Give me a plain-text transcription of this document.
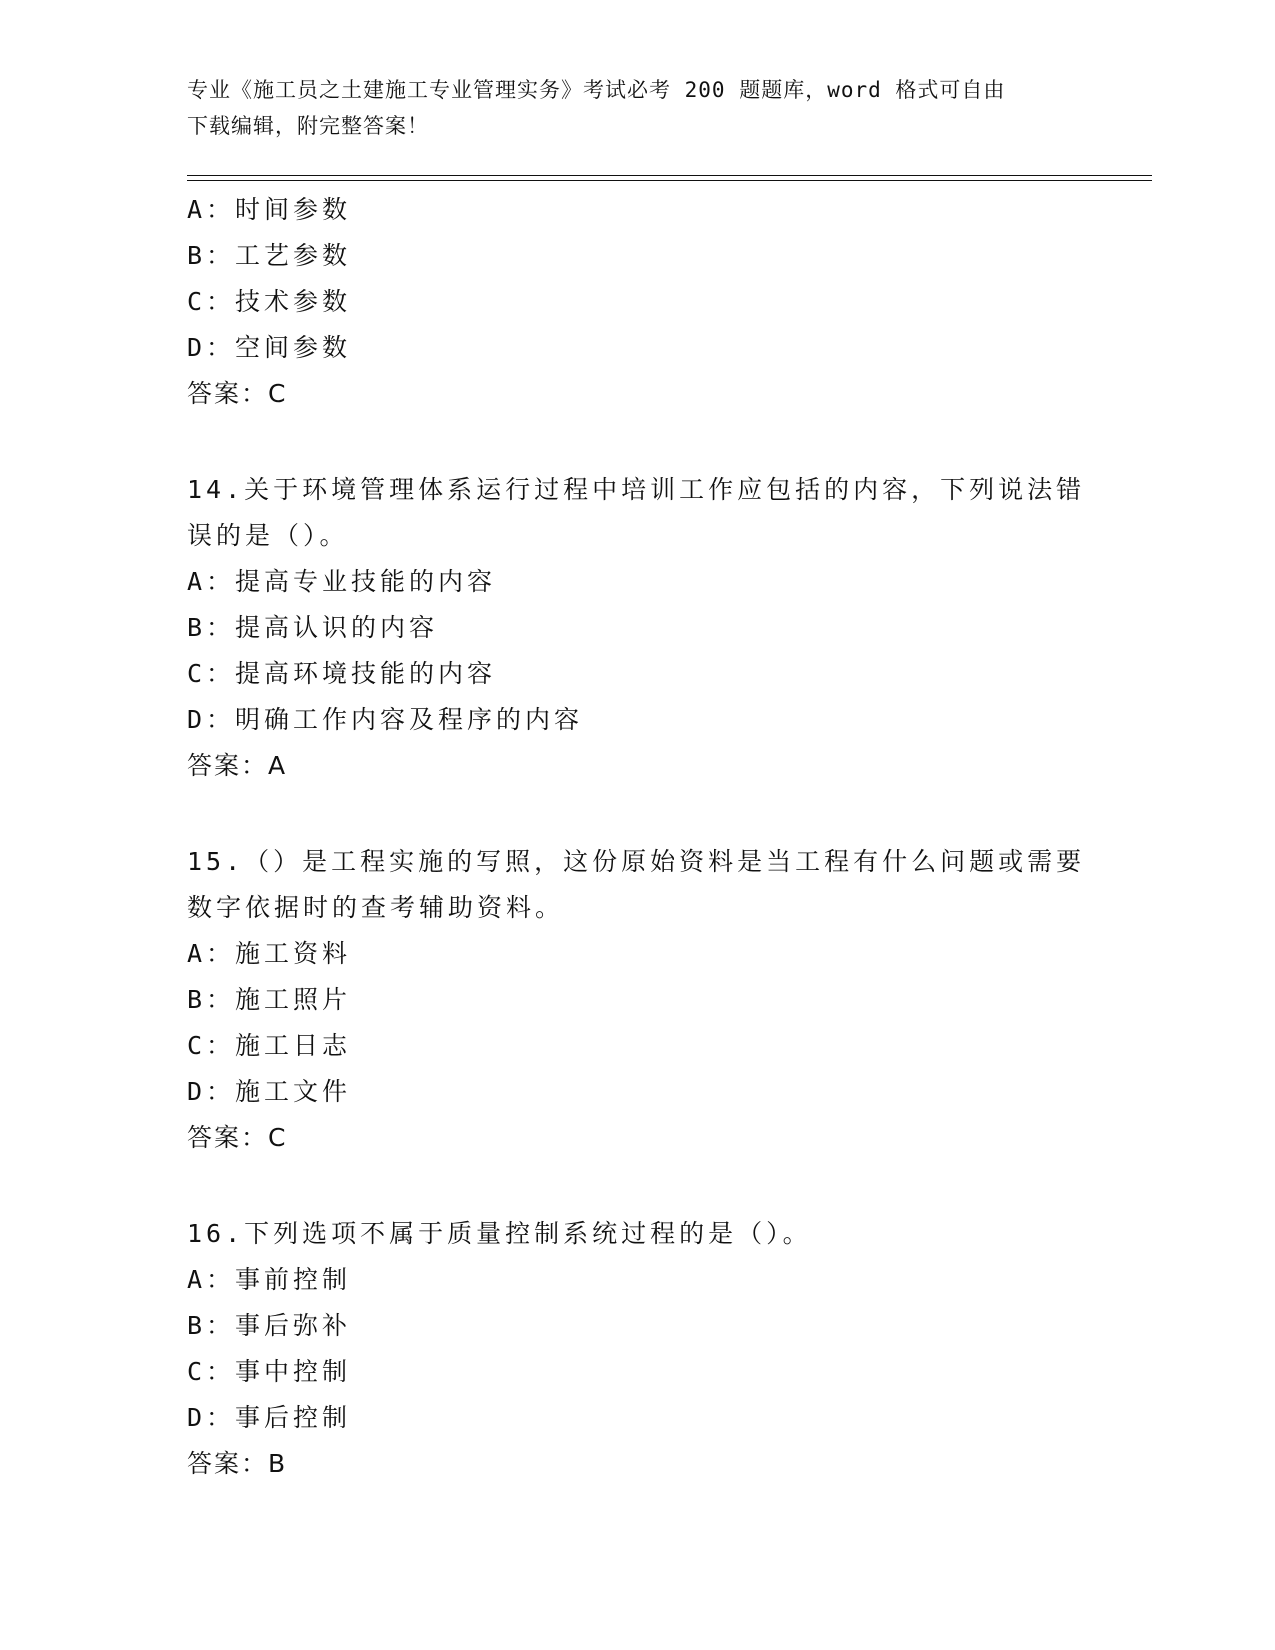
专业《施工员之土建施工专业管理实务》考试必考 200 题题库，word 格式可自由
下载编辑，附完整答案！
A：时间参数
B：工艺参数
C：技术参数
D：空间参数
答案：C
14.关于环境管理体系运行过程中培训工作应包括的内容，下列说法错
误的是（）。
A：提高专业技能的内容
B：提高认识的内容
C：提高环境技能的内容
D：明确工作内容及程序的内容
答案：A
15.（）是工程实施的写照，这份原始资料是当工程有什么问题或需要
数字依据时的查考辅助资料。
A：施工资料
B：施工照片
C：施工日志
D：施工文件
答案：C
16.下列选项不属于质量控制系统过程的是（）。
A：事前控制
B：事后弥补
C：事中控制
D：事后控制
答案：B
